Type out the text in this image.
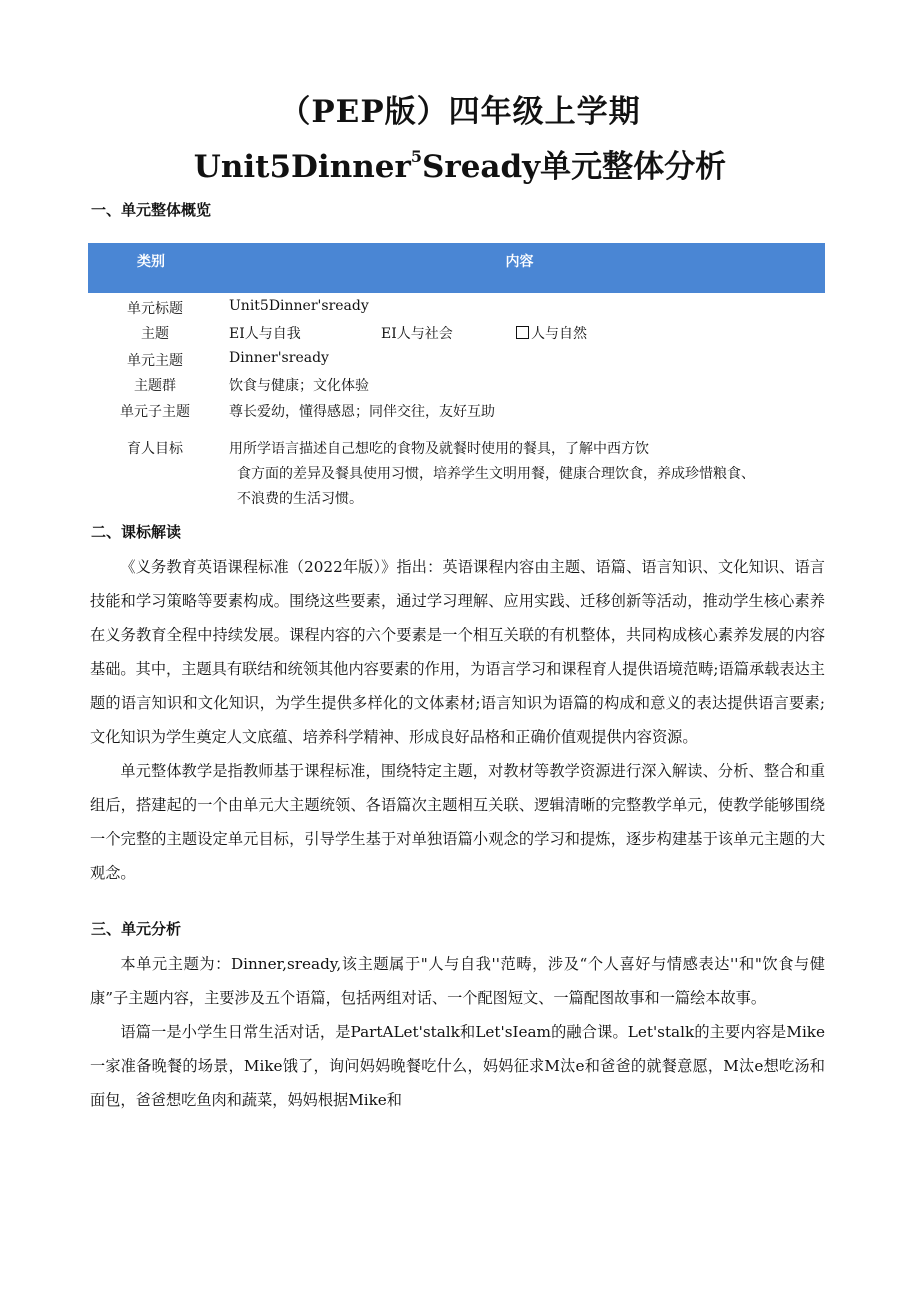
（PEP版）四年级上学期
Unit5Dinner$^5$Sready单元整体分析
一、单元整体概览
类别	内容
单元标题	Unit5Dinner'sready
主题	EI人与自我	EI人与社会	人与自然
单元主题	Dinner'sready
主题群	饮食与健康；文化体验
单元子主题	尊长爱幼，懂得感恩；同伴交往，友好互助
育人目标	用所学语言描述自己想吃的食物及就餐时使用的餐具，了解中西方饮
食方面的差异及餐具使用习惯，培养学生文明用餐，健康合理饮食，养成珍惜粮食、
不浪费的生活习惯。
二、课标解读

《义务教育英语课程标准（2022年版）》指出：英语课程内容由主题、语篇、语言知识、文化知识、语言技能和学习策略等要素构成。围绕这些要素，通过学习理解、应用实践、迁移创新等活动，推动学生核心素养在义务教育全程中持续发展。课程内容的六个要素是一个相互关联的有机整体，共同构成核心素养发展的内容基础。其中，主题具有联结和统领其他内容要素的作用，为语言学习和课程育人提供语境范畴;语篇承载表达主题的语言知识和文化知识，为学生提供多样化的文体素材;语言知识为语篇的构成和意义的表达提供语言要素;文化知识为学生奠定人文底蕴、培养科学精神、形成良好品格和正确价值观提供内容资源。

单元整体教学是指教师基于课程标准，围绕特定主题，对教材等教学资源进行深入解读、分析、整合和重组后，搭建起的一个由单元大主题统领、各语篇次主题相互关联、逻辑清晰的完整教学单元，使教学能够围绕一个完整的主题设定单元目标，引导学生基于对单独语篇小观念的学习和提炼，逐步构建基于该单元主题的大观念。

三、单元分析

本单元主题为：Dinner,sready,该主题属于"人与自我''范畴，涉及“个人喜好与情感表达''和"饮食与健康”子主题内容，主要涉及五个语篇，包括两组对话、一个配图短文、一篇配图故事和一篇绘本故事。

语篇一是小学生日常生活对话，是PartALet'stalk和Let'sIeam的融合课。Let'stalk的主要内容是Mike一家准备晚餐的场景，Mike饿了，询问妈妈晚餐吃什么，妈妈征求M汰e和爸爸的就餐意愿，M汰e想吃汤和面包，爸爸想吃鱼肉和蔬菜，妈妈根据Mike和
